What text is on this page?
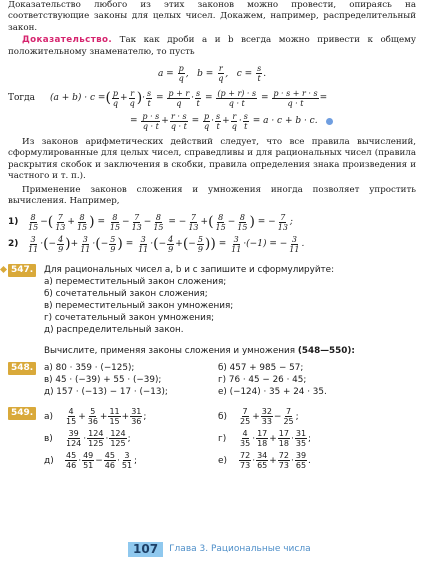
Доказательство любого из этих законов можно провести, опираясь на соответствующие законы для целых чисел. Докажем, например, распределительный закон.

Доказательство. Так как дроби a и b всегда можно привести к общему положительному знаменателю, то пусть

$a = \frac{p}{q}$ ,   $b = \frac{r}{q}$ ,   $c = \frac{s}{t}$ .
Тогда	(a + b) · c = ( $\frac{p}{q} + \frac{r}{q}$ ) · $\frac{s}{t} = \frac{p + r}{q} \cdot \frac{s}{t} = \frac{(p + r) \cdot s}{q \cdot t} = \frac{p \cdot s + r \cdot s}{q \cdot t}$ =
= $\frac{p \cdot s}{q \cdot t} + \frac{r \cdot s}{q \cdot t} = \frac{p}{q} \cdot \frac{s}{t} + \frac{r}{q} \cdot \frac{s}{t}$
= a · c + b · c.

Из законов арифметических действий следует, что все правила вычислений, сформулированные для целых чисел, справедливы и для рациональных чисел (правила раскрытия скобок и заключения в скобки, правила определения знака произведения и частного и т. п.).

Применение законов сложения и умножения иногда позволяет упростить вычисления. Например,

1)	$\frac{8}{15}$ − ( $\frac{7}{13} + \frac{8}{15}$ ) = $\frac{8}{15} - \frac{7}{13} - \frac{8}{15}$ = − $\frac{7}{13}$ + ( $\frac{8}{15} - \frac{8}{15}$ ) = − $\frac{7}{13}$ ;
2)	$\frac{3}{11}$ · ( − $\frac{4}{9}$ ) + $\frac{3}{11}$ · ( − $\frac{5}{9}$ ) = $\frac{3}{11}$ · ( − $\frac{4}{9}$ + ( − $\frac{5}{9}$ )) = $\frac{3}{11} \cdot(-1)$ = − $\frac{3}{11}$ .
547.	Для рациональных чисел a, b и c запишите и сформулируйте:
а) переместительный закон сложения;
б) сочетательный закон сложения;
в) переместительный закон умножения;
г) сочетательный закон умножения;
д) распределительный закон.

Вычислите, применяя законы сложения и умножения (548—550):

548.	а) 80 · 359 · (−125);	б) 457 + 985 − 57;
в) 45 · (−39) + 55 · (−39);	г) 76 · 45 − 26 · 45;
д) 157 · (−13) − 17 · (−13);	е) (−124) · 35 + 24 · 35.
549.	а)	$\frac{4}{15} + \frac{5}{36} + \frac{11}{15} + \frac{31}{36}$ ;	б)	$\frac{7}{25} + \frac{32}{33} - \frac{7}{25}$ ;
в)	$\frac{39}{124} \cdot \frac{124}{125} \cdot \frac{124}{125}$ ;	г)	$\frac{4}{35} \cdot \frac{17}{18} + \frac{17}{18} \cdot \frac{31}{35}$ ;
д)	$\frac{45}{46} \cdot \frac{49}{51} - \frac{45}{46} \cdot \frac{3}{51}$ ;	е)	$\frac{72}{73} \cdot \frac{34}{65} + \frac{72}{73} \cdot \frac{39}{65}$ .
107	Глава 3. Рациональные числа
